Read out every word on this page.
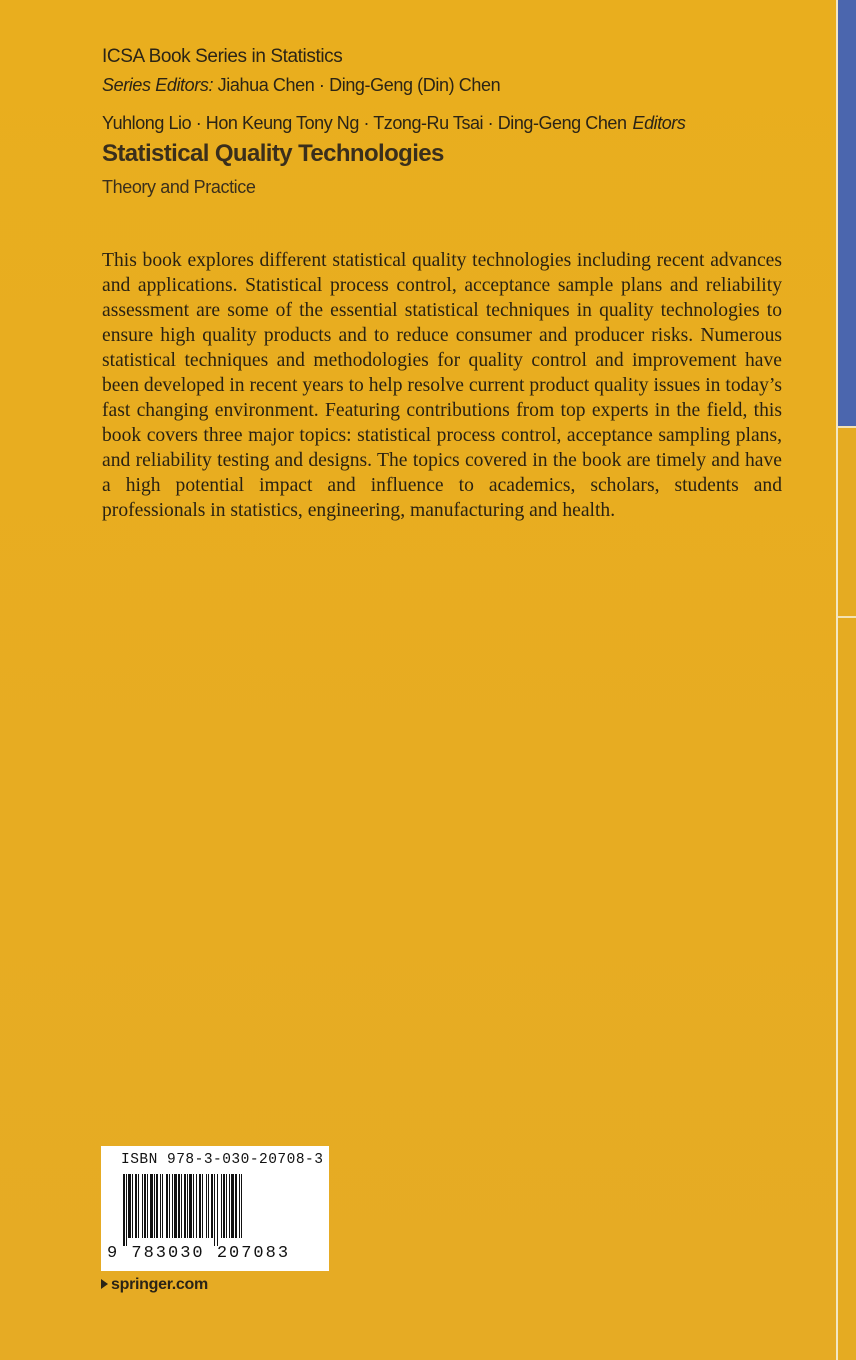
ICSA Book Series in Statistics
Series Editors: Jiahua Chen · Ding-Geng (Din) Chen
Yuhlong Lio · Hon Keung Tony Ng · Tzong-Ru Tsai · Ding-Geng Chen Editors
Statistical Quality Technologies
Theory and Practice

This book explores different statistical quality technologies including recent advances and applications. Statistical process control, acceptance sample plans and reliability assessment are some of the essential statistical techniques in quality technologies to ensure high quality products and to reduce consumer and producer risks. Numerous statistical techniques and methodologies for quality control and improvement have been developed in recent years to help resolve current product quality issues in today’s fast changing environment. Featuring contributions from top experts in the field, this book covers three major topics: statistical process control, acceptance sampling plans, and reliability testing and designs. The topics covered in the book are timely and have a high potential impact and influence to academics, scholars, students and professionals in statistics, engineering, manufacturing and health.

ISBN 978-3-030-20708-3
9 783030 207083
springer.com
